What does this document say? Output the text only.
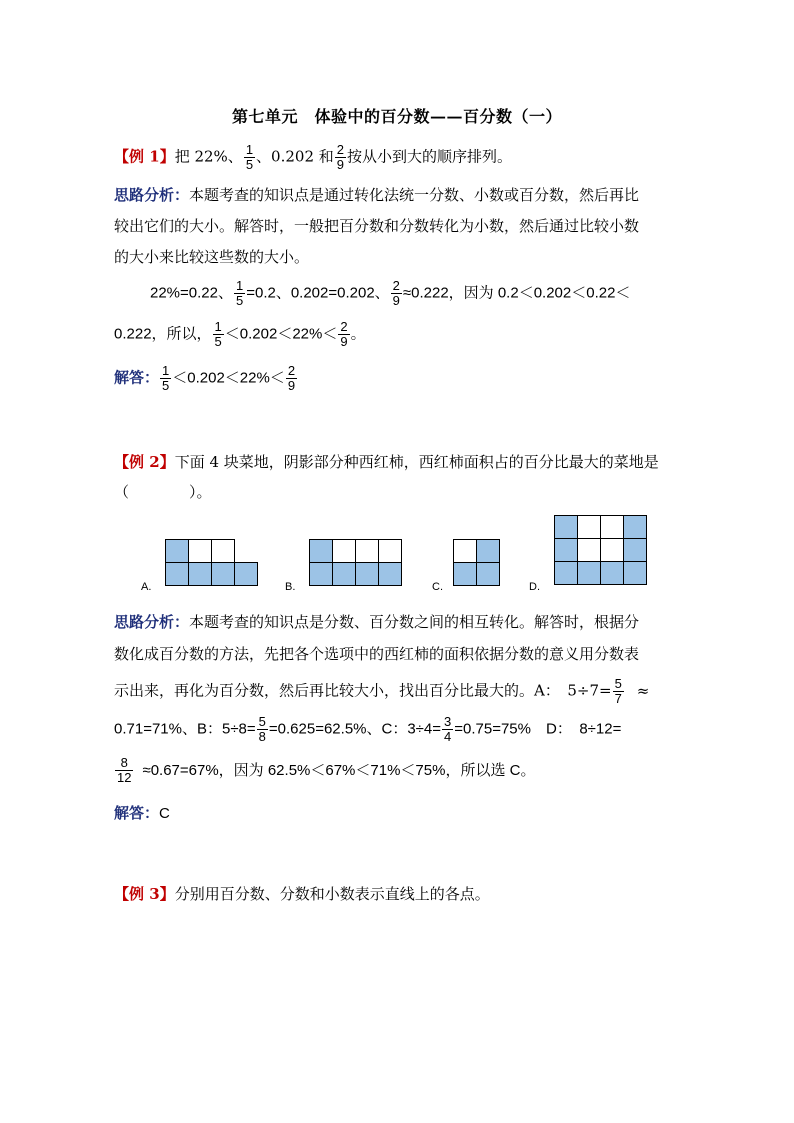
第七单元　体验中的百分数——百分数（一）
【例 1】把 22%、 $\frac{1}{5}$ 、0.202 和 $\frac{2}{9}$ 按从小到大的顺序排列。
思路分析：本题考查的知识点是通过转化法统一分数、小数或百分数，然后再比
较出它们的大小。解答时，一般把百分数和分数转化为小数，然后通过比较小数
的大小来比较这些数的大小。
22%=0.22、 $\frac{1}{5} =0.2$、0.202=0.202、 $\frac{2}{9} \approx 0.222$，因为 0.2＜0.202＜0.22＜
0.222，所以， $\frac{1}{5} <0.202<22\%< \frac{2}{9}$ 。
解答： $\frac{1}{5} <0.202<22\%< \frac{2}{9}$
【例 2】下面 4 块菜地，阴影部分种西红柿，西红柿面积占的百分比最大的菜地是
（　　　　）。
A.	B.	C.	D.
思路分析：本题考查的知识点是分数、百分数之间的相互转化。解答时，根据分
数化成百分数的方法，先把各个选项中的西红柿的面积依据分数的意义用分数表
示出来，再化为百分数，然后再比较大小，找出百分比最大的。A：　$5\div 7= \frac{5}{7}$ ≈
0.71=71%、B：$5\div 8= \frac{5}{8} =0.625=62.5\%$、C：$3\div 4= \frac{3}{4} =0.75=75\%$　D：　8÷12=
$\frac{8}{12} \approx 0.67=67\%$，因为 62.5%＜67%＜71%＜75%，所以选 C。
解答：C
【例 3】分别用百分数、分数和小数表示直线上的各点。
